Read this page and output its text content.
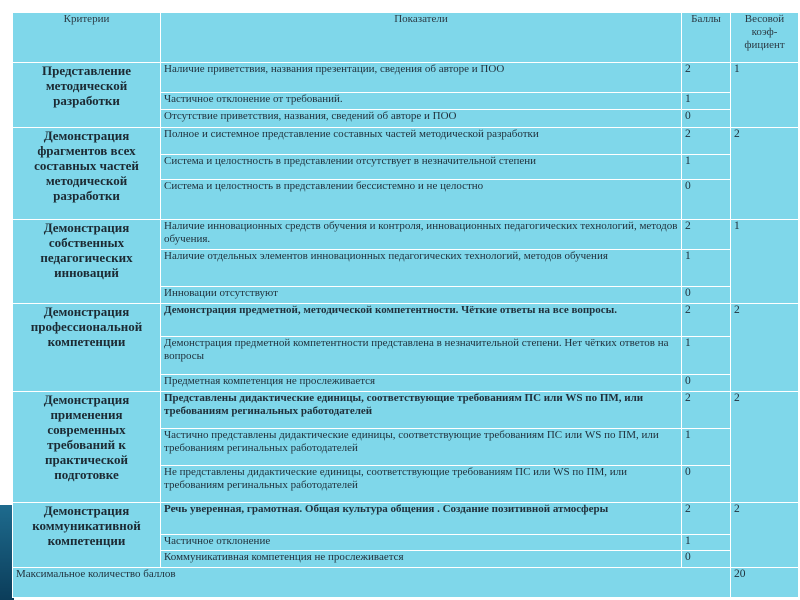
Критерии	Показатели	Баллы	Весовой коэф-фициент
Представление методической разработки	Наличие приветствия, названия презентации, сведения об авторе и ПОО	2	1
	Частичное отклонение от требований.	1	
	Отсутствие приветствия, названия, сведений об авторе и ПОО	0	
Демонстрация фрагментов всех составных частей методической разработки	Полное и системное представление составных частей методической разработки	2	2
	Система и целостность в представлении отсутствует в незначительной степени	1	
	Система и целостность в представлении бессистемно и не целостно	0	
Демонстрация собственных педагогических инноваций	Наличие инновационных средств обучения и контроля, инновационных педагогических технологий, методов обучения.	2	1
	Наличие отдельных элементов инновационных педагогических технологий, методов обучения	1	
	Инновации отсутствуют	0	
Демонстрация профессиональной компетенции	Демонстрация предметной, методической компетентности. Чёткие ответы на все вопросы.	2	2
	Демонстрация предметной компетентности представлена в незначительной степени. Нет чётких ответов на вопросы	1	
	Предметная компетенция не прослеживается	0	
Демонстрация применения современных требований к практической подготовке	Представлены дидактические единицы, соответствующие требованиям ПС или WS по ПМ, или требованиям регинальных работодателей	2	2
	Частично представлены дидактические единицы, соответствующие требованиям ПС или WS по ПМ, или требованиям регинальных работодателей	1	
	Не представлены дидактические единицы, соответствующие требованиям ПС или WS по ПМ, или требованиям регинальных работодателей	0	
Демонстрация коммуникативной компетенции	Речь уверенная, грамотная. Общая культура общения . Создание позитивной атмосферы	2	2
	Частичное отклонение	1	
	Коммуникативная компетенция не прослеживается	0	
Максимальное количество баллов			20
